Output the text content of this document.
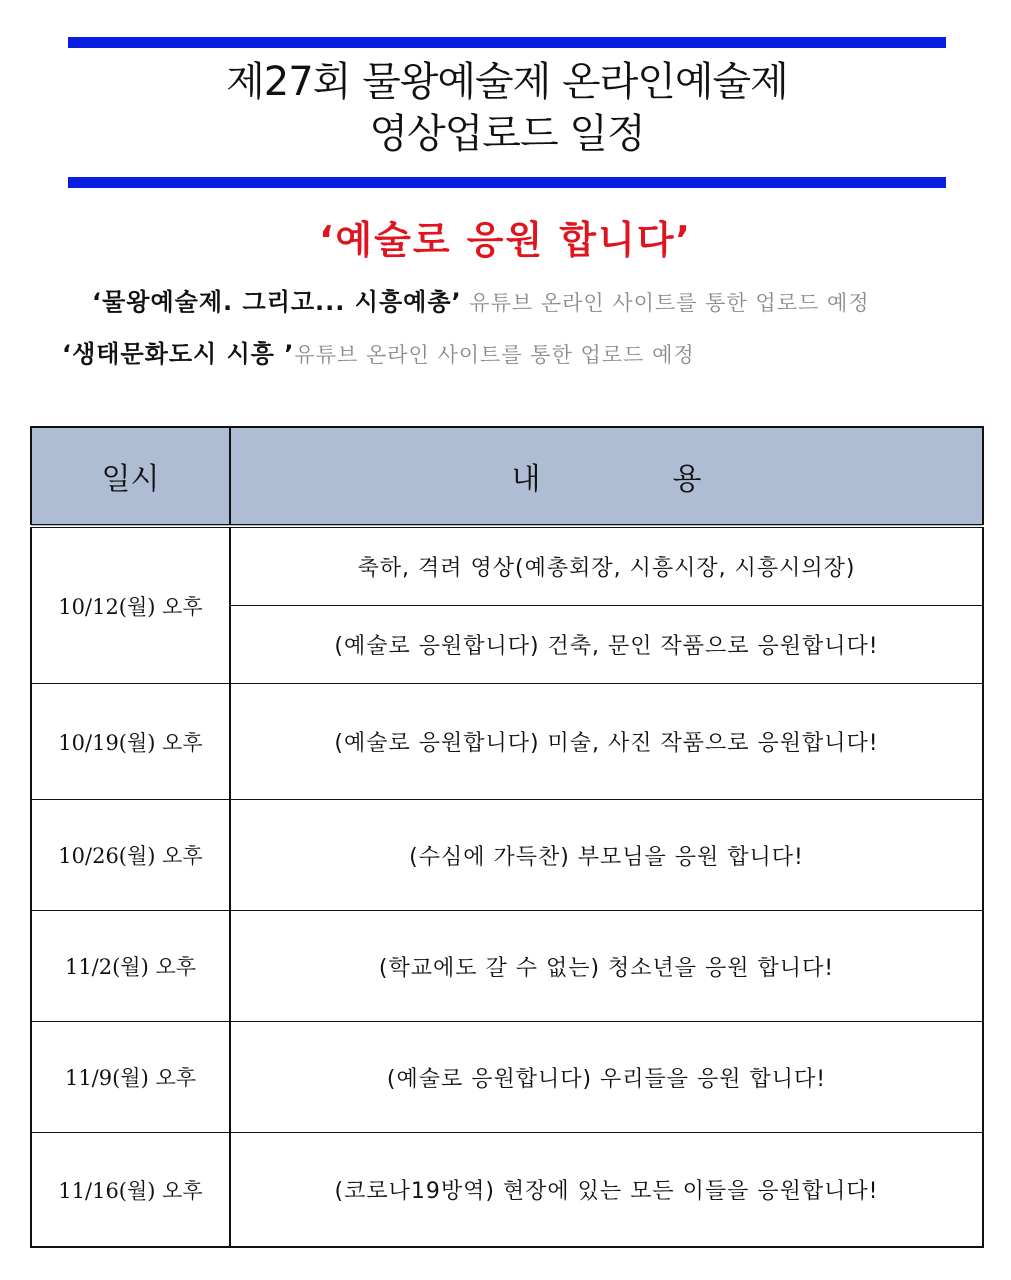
제27회 물왕예술제 온라인예술제
영상업로드 일정
‘예술로 응원 합니다’
‘물왕예술제. 그리고... 시흥예총’ 유튜브 온라인 사이트를 통한 업로드 예정
‘생태문화도시 시흥 ’유튜브 온라인 사이트를 통한 업로드 예정
일시	내 용
10/12(월) 오후	축하, 격려 영상(예총회장, 시흥시장, 시흥시의장)
	(예술로 응원합니다) 건축, 문인 작품으로 응원합니다!
10/19(월) 오후	(예술로 응원합니다) 미술, 사진 작품으로 응원합니다!
10/26(월) 오후	(수심에 가득찬) 부모님을 응원 합니다!
11/2(월) 오후	(학교에도 갈 수 없는) 청소년을 응원 합니다!
11/9(월) 오후	(예술로 응원합니다) 우리들을 응원 합니다!
11/16(월) 오후	(코로나19방역) 현장에 있는 모든 이들을 응원합니다!
